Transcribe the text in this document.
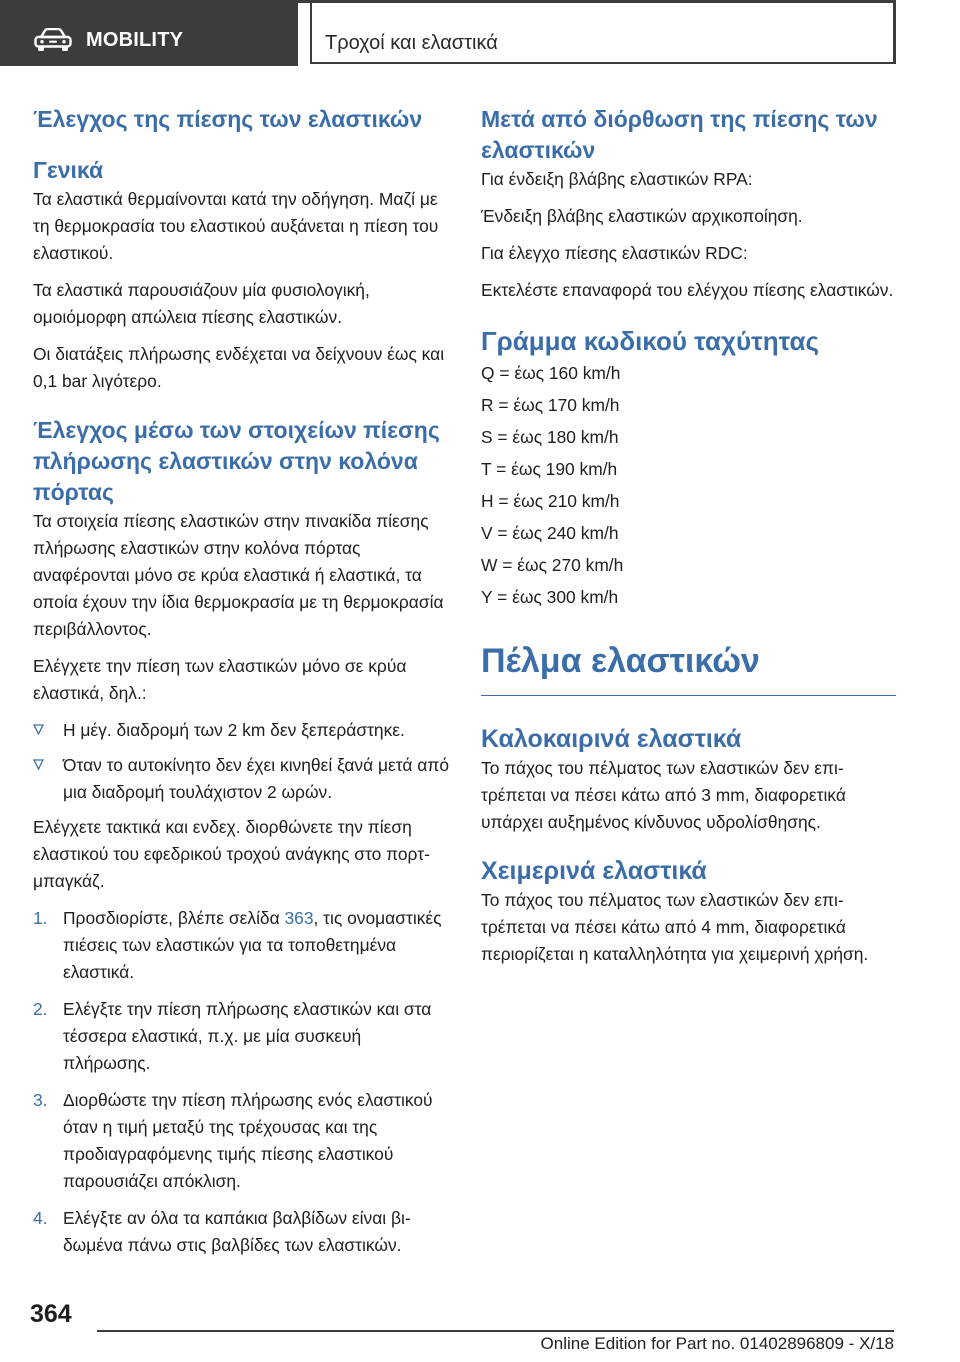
MOBILITY	Τροχοί και ελαστικά
Έλεγχος της πίεσης των ελαστικών
Γενικά

Τα ελαστικά θερμαίνονται κατά την οδήγηση. Μαζί με τη θερμοκρασία του ελαστικού αυξάνεται η πίεση του ελαστικού.

Τα ελαστικά παρουσιάζουν μία φυσιολογική, ομοιόμορφη απώλεια πίεσης ελαστικών.

Οι διατάξεις πλήρωσης ενδέχεται να δείχνουν έως και 0,1 bar λιγότερο.

Έλεγχος μέσω των στοιχείων πίεσης πλήρωσης ελαστικών στην κολόνα πόρτας

Τα στοιχεία πίεσης ελαστικών στην πινακίδα πίεσης πλήρωσης ελαστικών στην κολόνα πόρτας αναφέρονται μόνο σε κρύα ελαστικά ή ελαστικά, τα οποία έχουν την ίδια θερμοκρασία με τη θερμοκρασία περιβάλλοντος.

Ελέγχετε την πίεση των ελαστικών μόνο σε κρύα ελαστικά, δηλ.:

Η μέγ. διαδρομή των 2 km δεν ξεπεράστηκε.
Όταν το αυτοκίνητο δεν έχει κινηθεί ξανά μετά από μια διαδρομή τουλάχιστον 2 ωρών.

Ελέγχετε τακτικά και ενδεχ. διορθώνετε την πίεση ελαστικού του εφεδρικού τροχού ανάγκης στο πορτ-μπαγκάζ.

1. Προσδιορίστε, βλέπε σελίδα 363, τις ονομαστικές πιέσεις των ελαστικών για τα τοποθετημένα ελαστικά.
2. Ελέγξτε την πίεση πλήρωσης ελαστικών και στα τέσσερα ελαστικά, π.χ. με μία συσκευή πλήρωσης.
3. Διορθώστε την πίεση πλήρωσης ενός ελαστικού όταν η τιμή μεταξύ της τρέχουσας και της προδιαγραφόμενης τιμής πίεσης ελαστικού παρουσιάζει απόκλιση.
4. Ελέγξτε αν όλα τα καπάκια βαλβίδων είναι βιδωμένα πάνω στις βαλβίδες των ελαστικών.
Μετά από διόρθωση της πίεσης των ελαστικών

Για ένδειξη βλάβης ελαστικών RPA:

Ένδειξη βλάβης ελαστικών αρχικοποίηση.

Για έλεγχο πίεσης ελαστικών RDC:

Εκτελέστε επαναφορά του ελέγχου πίεσης ελαστικών.

Γράμμα κωδικού ταχύτητας

Q = έως 160 km/h

R = έως 170 km/h

S = έως 180 km/h

T = έως 190 km/h

H = έως 210 km/h

V = έως 240 km/h

W = έως 270 km/h

Y = έως 300 km/h

Πέλμα ελαστικών
Καλοκαιρινά ελαστικά

Το πάχος του πέλματος των ελαστικών δεν επιτρέπεται να πέσει κάτω από 3 mm, διαφορετικά υπάρχει αυξημένος κίνδυνος υδρολίσθησης.

Χειμερινά ελαστικά

Το πάχος του πέλματος των ελαστικών δεν επιτρέπεται να πέσει κάτω από 4 mm, διαφορετικά περιορίζεται η καταλληλότητα για χειμερινή χρήση.

364
Online Edition for Part no. 01402896809 - X/18
